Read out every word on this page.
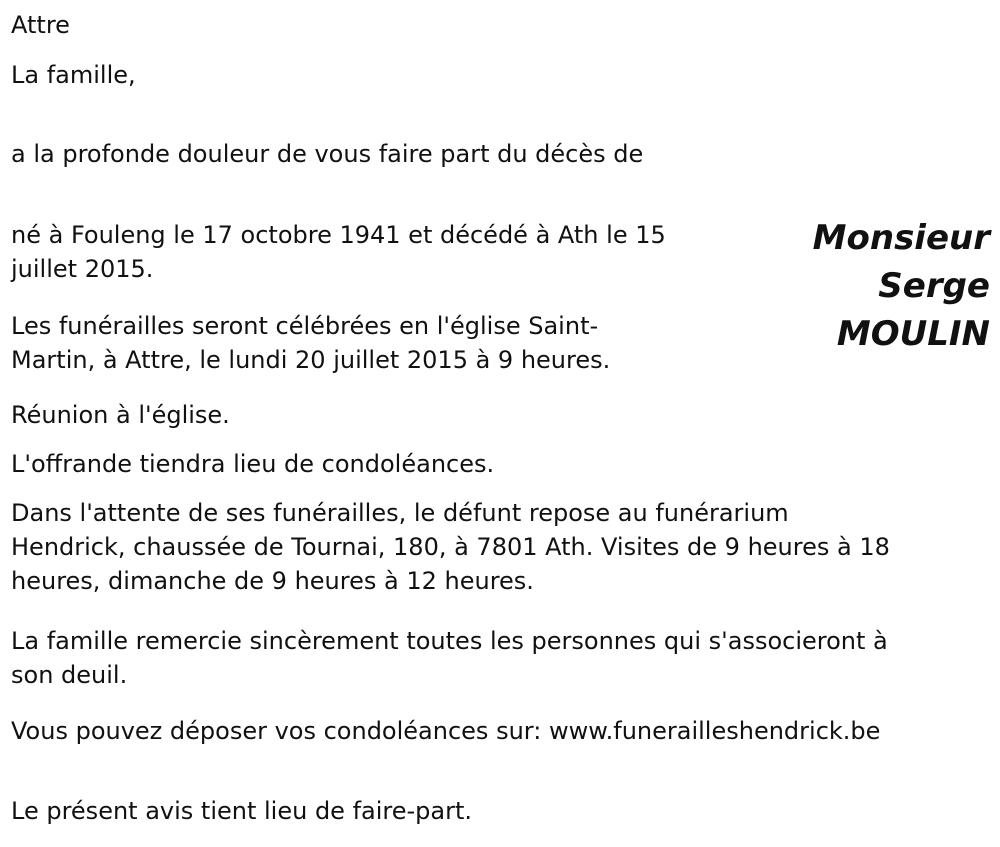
Attre
La famille,
a la profonde douleur de vous faire part du décès de
Monsieur
Serge
MOULIN
né à Fouleng le 17 octobre 1941 et décédé à Ath le 15
juillet 2015.
Les funérailles seront célébrées en l'église Saint-
Martin, à Attre, le lundi 20 juillet 2015 à 9 heures.
Réunion à l'église.
L'offrande tiendra lieu de condoléances.
Dans l'attente de ses funérailles, le défunt repose au funérarium
Hendrick, chaussée de Tournai, 180, à 7801 Ath. Visites de 9 heures à 18
heures, dimanche de 9 heures à 12 heures.
La famille remercie sincèrement toutes les personnes qui s'associeront à
son deuil.
Vous pouvez déposer vos condoléances sur: www.funerailleshendrick.be
Le présent avis tient lieu de faire-part.
